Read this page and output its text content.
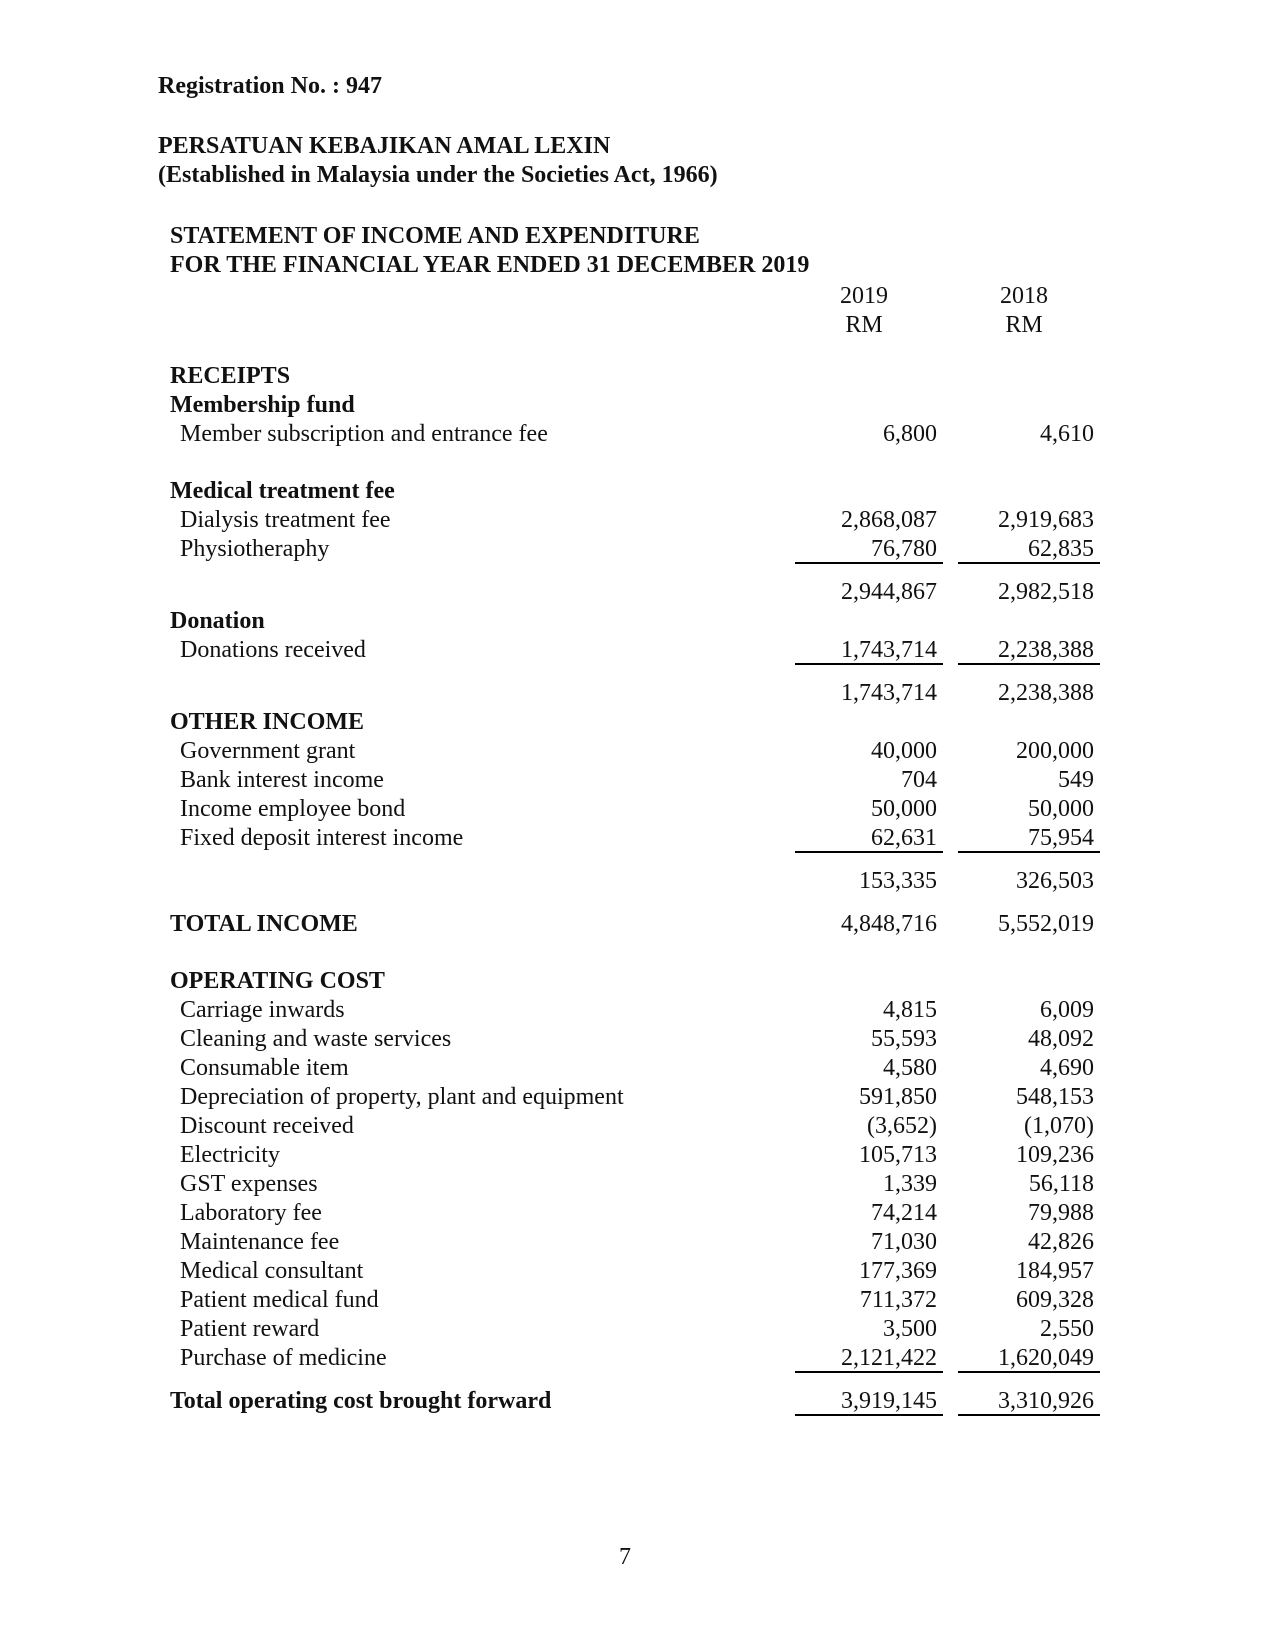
Registration No. : 947
PERSATUAN KEBAJIKAN AMAL LEXIN
(Established in Malaysia under the Societies Act, 1966)
STATEMENT OF INCOME AND EXPENDITURE
FOR THE FINANCIAL YEAR ENDED 31 DECEMBER 2019
2019	2018
RM	RM
RECEIPTS
Membership fund
Member subscription and entrance fee	6,800	4,610
Medical treatment fee
Dialysis treatment fee	2,868,087	2,919,683
Physiotheraphy	76,780	62,835
2,944,867	2,982,518
Donation
Donations received	1,743,714	2,238,388
1,743,714	2,238,388
OTHER INCOME
Government grant	40,000	200,000
Bank interest income	704	549
Income employee bond	50,000	50,000
Fixed deposit interest income	62,631	75,954
153,335	326,503
TOTAL INCOME	4,848,716	5,552,019
OPERATING COST
Carriage inwards	4,815	6,009
Cleaning and waste services	55,593	48,092
Consumable item	4,580	4,690
Depreciation of property, plant and equipment	591,850	548,153
Discount received	(3,652)	(1,070)
Electricity	105,713	109,236
GST expenses	1,339	56,118
Laboratory fee	74,214	79,988
Maintenance fee	71,030	42,826
Medical consultant	177,369	184,957
Patient medical fund	711,372	609,328
Patient reward	3,500	2,550
Purchase of medicine	2,121,422	1,620,049
Total operating cost brought forward	3,919,145	3,310,926
7
